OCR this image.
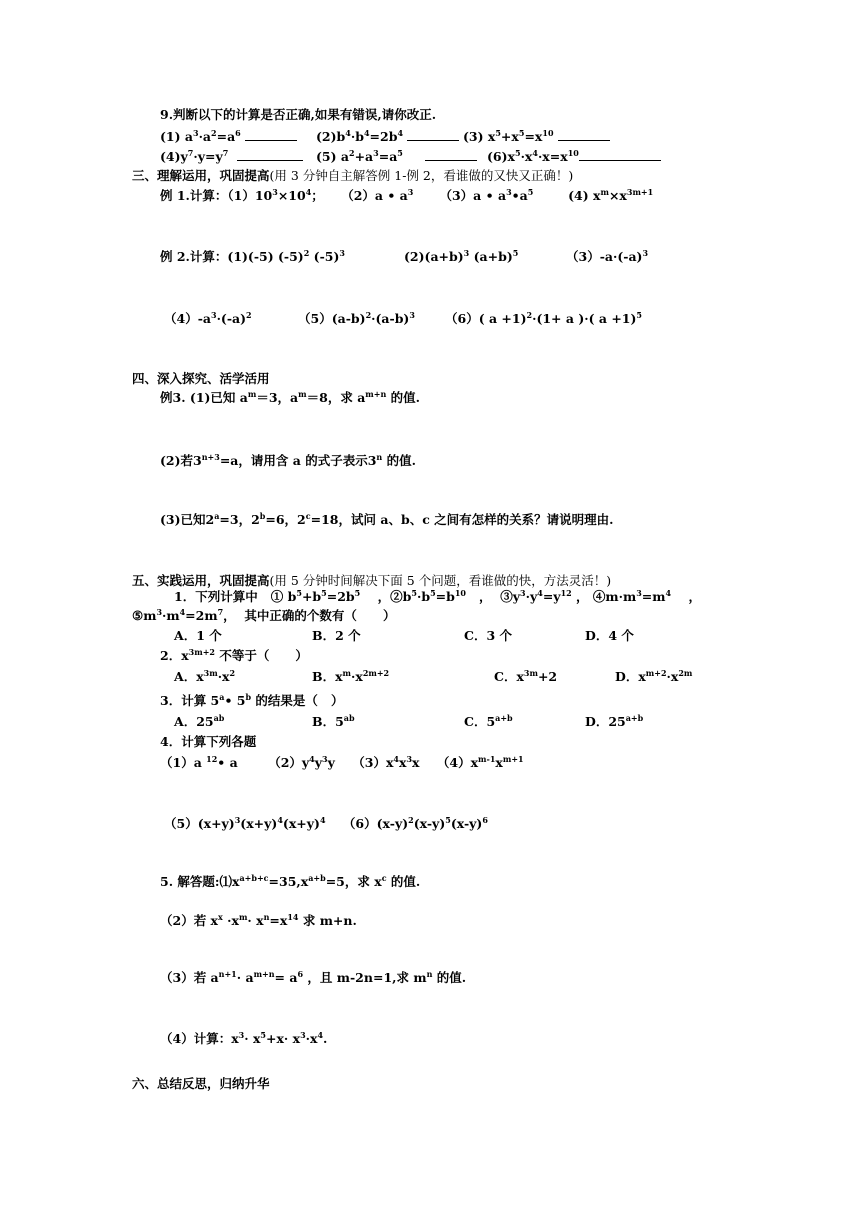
9.判断以下的计算是否正确,如果有错误,请你改正.
(1) $a^3\cdot a^2=a^6$	$(2)b^4\cdot b^4=2b^4$	(3) $x^5+x^5=x^{10}$
$(4)y^7\cdot y=y^7$	(5) $a^2+a^3=a^5$	$(6)x^5\cdot x^4\cdot x=x^{10}$
三、理解运用，巩固提高(用 3 分钟自主解答例 1-例 2，看谁做的又快又正确！)
例 1.计算：$(1)10^3\times 10^4$；    （2）a • $a^3$      （3）a • $a^3•a^5$        (4) $x^m\times x^{3m+1}$
例 2.计算：(1)(-5) $(-5)^2$ $(-5)^3$	$(2)(a+b)^3$ $(a+b)^5$	$(3)-a\cdot(-a)^3$
$(4)-a^3\cdot(-a)^2$	$(5)(a-b)^2\cdot(a-b)^3$ （6）( a +1)$^2$·(1+ a )·( a +1)$^5$
四、深入探究、活学活用
例3. (1)已知 $a^m=3$，$a^m=8$，求 $a^{m+n}$ 的值.
(2)若$3^{n+3}=a$，请用含 a 的式子表示3$^n$ 的值.
(3)已知$2^a=3$，$2^b=6$，$2^c=18$，试问 a、b、c 之间有怎样的关系？请说明理由.
五、实践运用，巩固提高(用 5 分钟时间解决下面 5 个问题，看谁做的快，方法灵活！)
1．下列计算中   ① $b^5+b^5=2b^5$    ，$②b^5\cdot b^5=b^{10}$   ，  $③y^3\cdot y^4=y^{12}$ ， $④m\cdot m^3=m^4$    ，
$⑤m^3\cdot m^4=2m^7$，  其中正确的个数有（      ）
A．1 个	B．2 个	C．3 个	D．4 个
2．$x^{3m+2}$ 不等于（      ）
A．$x^{3m}\cdot x^2$	B．$x^m\cdot x^{2m+2}$	C．$x^{3m}+2$	D．$x^{m+2}\cdot x^{2m}$
3．计算 5$^a$• 5$^b$ 的结果是（   ）
A．$25^{ab}$	B．$5^{ab}$	C．$5^{a+b}$	D．$25^{a+b}$
4．计算下列各题
（1）a $^{12}$• a       $(2)y^4y^3y$    $(3)x^4x^3x$    $(4)x^{m-1}x^{m+1}$
$(5)(x+y)^3(x+y)^4(x+y)^4$    $(6)(x-y)^2(x-y)^5(x-y)^6$
5. 解答题$:⑴x^{a+b+c}=35,x^{a+b}=5$，求 $x^c$ 的值.
（2）若 $x^x \cdot x^m\cdot x^n=x^{14}$ 求 m+n.
（3）若 $a^{n+1}\cdot a^{m+n}= a^6$ ，且 m-2n=1,求 $m^n$ 的值.
（4）计算：$x^3\cdot x^5+x\cdot x^3\cdot x^4$.
六、总结反思，归纳升华
